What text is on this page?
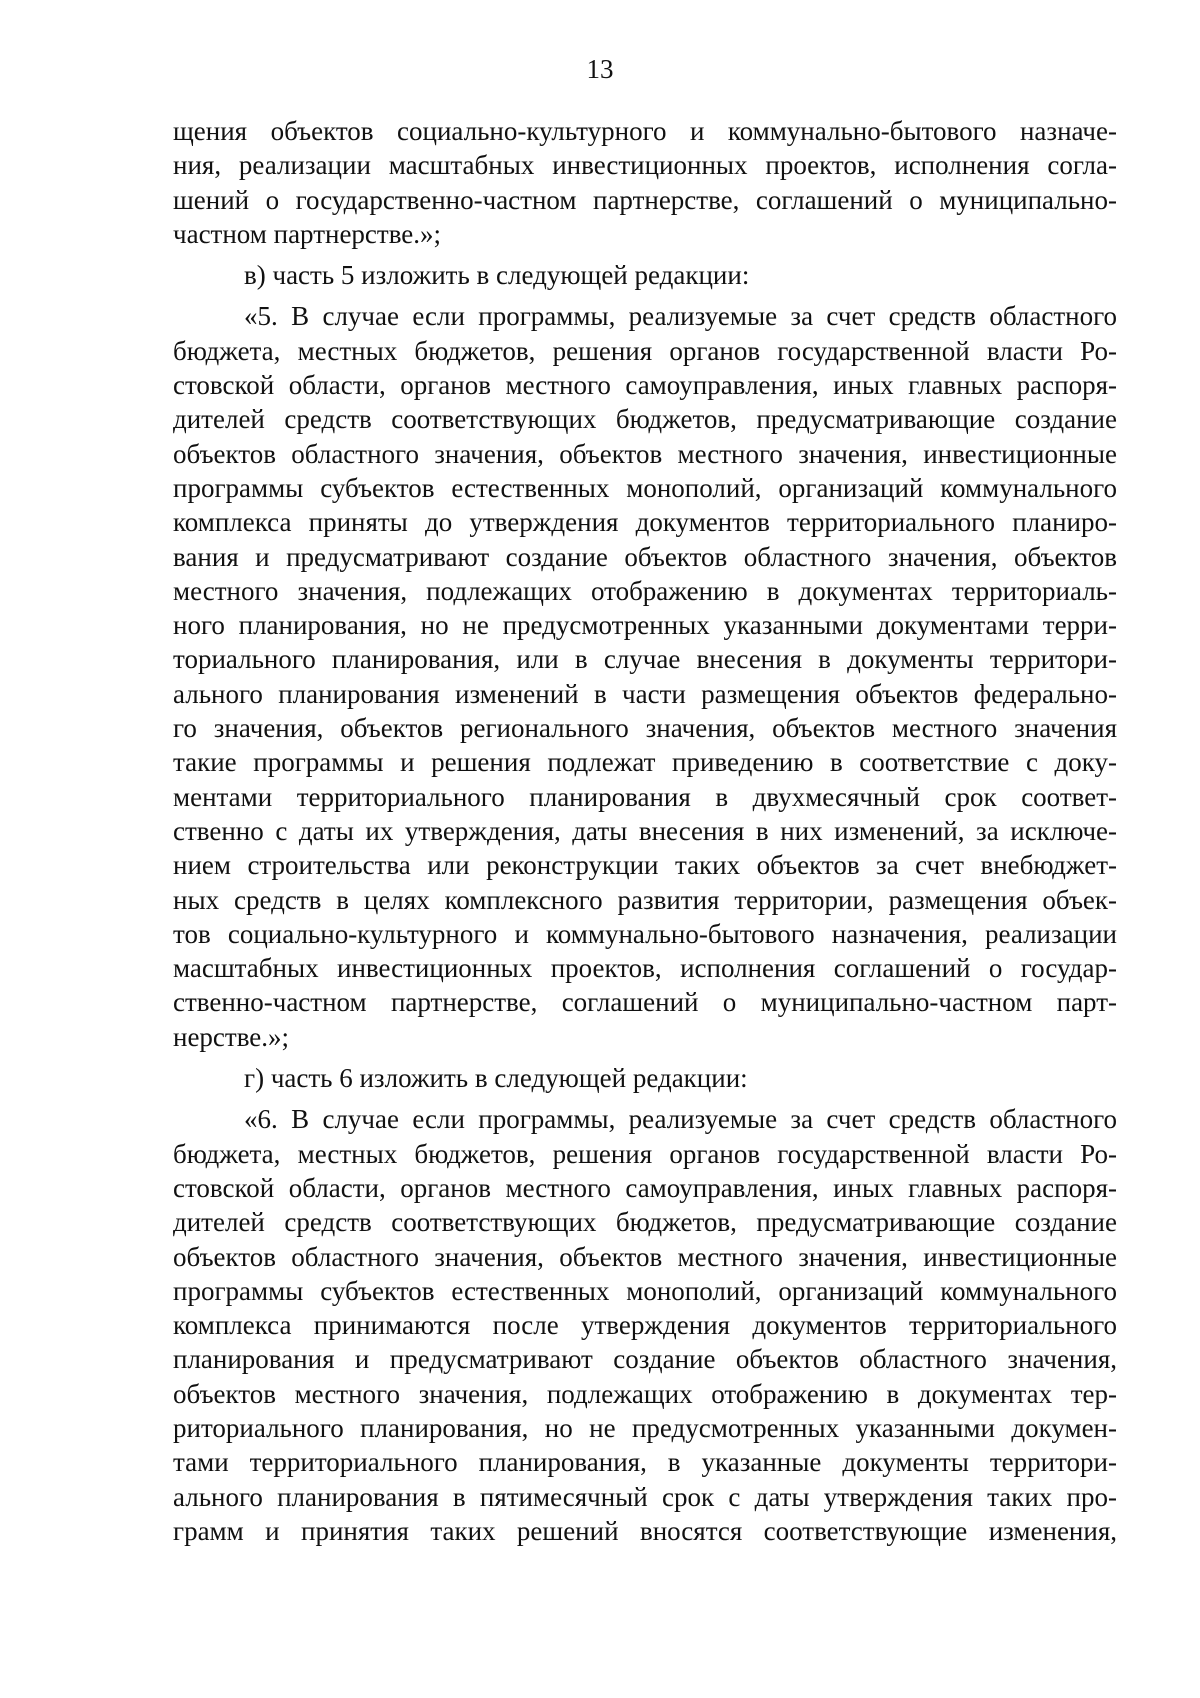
13
щения объектов социально-культурного и коммунально-бытового назначе-
ния, реализации масштабных инвестиционных проектов, исполнения согла-
шений о государственно-частном партнерстве, соглашений о муниципально-
частном партнерстве.»;
в) часть 5 изложить в следующей редакции:
«5. В случае если программы, реализуемые за счет средств областного
бюджета, местных бюджетов, решения органов государственной власти Ро-
стовской области, органов местного самоуправления, иных главных распоря-
дителей средств соответствующих бюджетов, предусматривающие создание
объектов областного значения, объектов местного значения, инвестиционные
программы субъектов естественных монополий, организаций коммунального
комплекса приняты до утверждения документов территориального планиро-
вания и предусматривают создание объектов областного значения, объектов
местного значения, подлежащих отображению в документах территориаль-
ного планирования, но не предусмотренных указанными документами терри-
ториального планирования, или в случае внесения в документы территори-
ального планирования изменений в части размещения объектов федерально-
го значения, объектов регионального значения, объектов местного значения
такие программы и решения подлежат приведению в соответствие с доку-
ментами территориального планирования в двухмесячный срок соответ-
ственно с даты их утверждения, даты внесения в них изменений, за исключе-
нием строительства или реконструкции таких объектов за счет внебюджет-
ных средств в целях комплексного развития территории, размещения объек-
тов социально-культурного и коммунально-бытового назначения, реализации
масштабных инвестиционных проектов, исполнения соглашений о государ-
ственно-частном партнерстве, соглашений о муниципально-частном парт-
нерстве.»;
г) часть 6 изложить в следующей редакции:
«6. В случае если программы, реализуемые за счет средств областного
бюджета, местных бюджетов, решения органов государственной власти Ро-
стовской области, органов местного самоуправления, иных главных распоря-
дителей средств соответствующих бюджетов, предусматривающие создание
объектов областного значения, объектов местного значения, инвестиционные
программы субъектов естественных монополий, организаций коммунального
комплекса принимаются после утверждения документов территориального
планирования и предусматривают создание объектов областного значения,
объектов местного значения, подлежащих отображению в документах тер-
риториального планирования, но не предусмотренных указанными докумен-
тами территориального планирования, в указанные документы территори-
ального планирования в пятимесячный срок с даты утверждения таких про-
грамм и принятия таких решений вносятся соответствующие изменения,
